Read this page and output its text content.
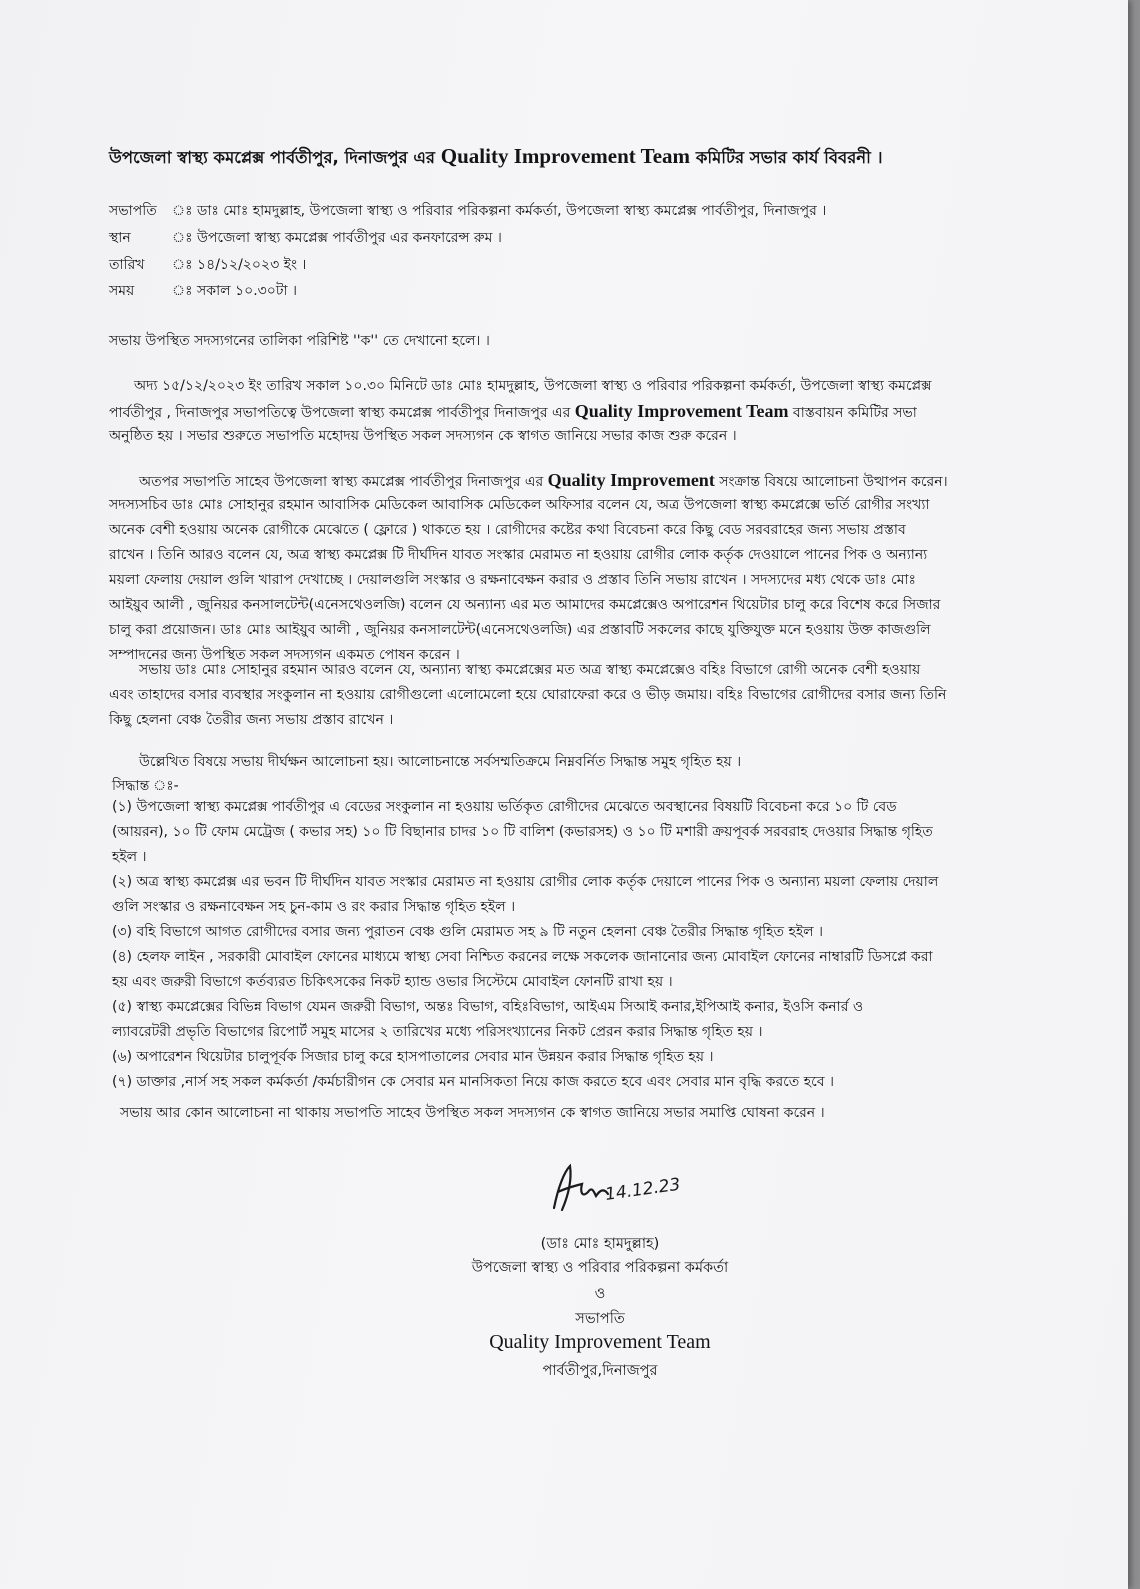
উপজেলা স্বাস্থ্য কমপ্লেক্স পার্বতীপুর, দিনাজপুর এর Quality Improvement Team কমিটির সভার কার্য বিবরনী ।
সভাপতি ঃ ডাঃ মোঃ হামদুল্লাহ, উপজেলা স্বাস্থ্য ও পরিবার পরিকল্পনা কর্মকর্তা, উপজেলা স্বাস্থ্য কমপ্লেক্স পার্বতীপুর, দিনাজপুর ।
স্থান	ঃ উপজেলা স্বাস্থ্য কমপ্লেক্স পার্বতীপুর এর কনফারেন্স রুম ।
তারিখ ঃ ১৪/১২/২০২৩ ইং ।
সময়	ঃ সকাল ১০.৩০টা ।
সভায় উপস্থিত সদস্যগনের তালিকা পরিশিষ্ট ''ক'' তে দেখানো হলে। ।
অদ্য ১৫/১২/২০২৩ ইং তারিখ সকাল ১০.৩০ মিনিটে ডাঃ মোঃ হামদুল্লাহ, উপজেলা স্বাস্থ্য ও পরিবার পরিকল্পনা কর্মকর্তা, উপজেলা স্বাস্থ্য কমপ্লেক্স
পার্বতীপুর , দিনাজপুর সভাপতিত্বে উপজেলা স্বাস্থ্য কমপ্লেক্স পার্বতীপুর দিনাজপুর এর Quality Improvement Team বাস্তবায়ন কমিটির সভা
অনুষ্ঠিত হয় । সভার শুরুতে সভাপতি মহোদয় উপস্থিত সকল সদস্যগন কে স্বাগত জানিয়ে সভার কাজ শুরু করেন ।
অতপর সভাপতি সাহেব উপজেলা স্বাস্থ্য কমপ্লেক্স পার্বতীপুর দিনাজপুর এর Quality Improvement সংক্রান্ত বিষয়ে আলোচনা উত্থাপন করেন।
সদস্যসচিব ডাঃ মোঃ সোহানুর রহমান আবাসিক মেডিকেল আবাসিক মেডিকেল অফিসার বলেন যে, অত্র উপজেলা স্বাস্থ্য কমপ্লেক্সে ভর্তি রোগীর সংখ্যা
অনেক বেশী হওয়ায় অনেক রোগীকে মেঝেতে ( ফ্লোরে ) থাকতে হয় । রোগীদের কষ্টের কথা বিবেচনা করে কিছু বেড সরবরাহের জন্য সভায় প্রস্তাব
রাখেন । তিনি আরও বলেন যে, অত্র স্বাস্থ্য কমপ্লেক্স টি দীর্ঘদিন যাবত সংস্কার মেরামত না হওয়ায় রোগীর লোক কর্তৃক দেওয়ালে পানের পিক ও অন্যান্য
ময়লা ফেলায় দেয়াল গুলি খারাপ দেখাচ্ছে । দেয়ালগুলি সংস্কার ও রক্ষনাবেক্ষন করার ও প্রস্তাব তিনি সভায় রাখেন । সদস্যদের মধ্য থেকে ডাঃ মোঃ
আইয়ুব আলী , জুনিয়র কনসালটেন্ট(এনেসথেওলজি) বলেন যে অন্যান্য এর মত আমাদের কমপ্লেক্সেও অপারেশন থিয়েটার চালু করে বিশেষ করে সিজার
চালু করা প্রয়োজন। ডাঃ মোঃ আইয়ুব আলী , জুনিয়র কনসালটেন্ট(এনেসথেওলজি) এর প্রস্তাবটি সকলের কাছে যুক্তিযুক্ত মনে হওয়ায় উক্ত কাজগুলি
সম্পাদনের জন্য উপস্থিত সকল সদস্যগন একমত পোষন করেন ।
সভায় ডাঃ মোঃ সোহানুর রহমান আরও বলেন যে, অন্যান্য স্বাস্থ্য কমপ্লেক্সের মত অত্র স্বাস্থ্য কমপ্লেক্সেও বহিঃ বিভাগে রোগী অনেক বেশী হওয়ায়
এবং তাহাদের বসার ব্যবস্থার সংকুলান না হওয়ায় রোগীগুলো এলোমেলো হয়ে ঘোরাফেরা করে ও ভীড় জমায়। বহিঃ বিভাগের রোগীদের বসার জন্য তিনি
কিছু হেলনা বেঞ্চ তৈরীর জন্য সভায় প্রস্তাব রাখেন ।
উল্লেখিত বিষয়ে সভায় দীর্ঘক্ষন আলোচনা হয়। আলোচনান্তে সর্বসম্মতিক্রমে নিম্নবর্নিত সিদ্ধান্ত সমুহ গৃহিত হয় ।
সিদ্ধান্ত ঃ-
(১) উপজেলা স্বাস্থ্য কমপ্লেক্স পার্বতীপুর এ বেডের সংকুলান না হওয়ায় ভর্তিকৃত রোগীদের মেঝেতে অবস্থানের বিষয়টি বিবেচনা করে ১০ টি বেড
(আয়রন), ১০ টি ফোম মেট্রেজ ( কভার সহ) ১০ টি বিছানার চাদর ১০ টি বালিশ (কভারসহ) ও ১০ টি মশারী ক্রয়পূবর্ক সরবরাহ দেওয়ার সিদ্ধান্ত গৃহিত
হইল ।
(২) অত্র স্বাস্থ্য কমপ্লেক্স এর ভবন টি দীর্ঘদিন যাবত সংস্কার মেরামত না হওয়ায় রোগীর লোক কর্তৃক দেয়ালে পানের পিক ও অন্যান্য ময়লা ফেলায় দেয়াল
গুলি সংস্কার ও রক্ষনাবেক্ষন সহ চুন-কাম ও রং করার সিদ্ধান্ত গৃহিত হইল ।
(৩) বহি বিভাগে আগত রোগীদের বসার জন্য পুরাতন বেঞ্চ গুলি মেরামত সহ ৯ টি নতুন হেলনা বেঞ্চ তৈরীর সিদ্ধান্ত গৃহিত হইল ।
(৪) হেলফ লাইন , সরকারী মোবাইল ফোনের মাধ্যমে স্বাস্থ্য সেবা নিশ্চিত করনের লক্ষে সকলেক জানানোর জন্য মোবাইল ফোনের নাম্বারটি ডিসপ্লে করা
হয় এবং জরুরী বিভাগে কর্তব্যরত চিকিৎসকের নিকট হ্যান্ড ওভার সিস্টেমে মোবাইল ফোনটি রাখা হয় ।
(৫) স্বাস্থ্য কমপ্লেক্সের বিভিন্ন বিভাগ যেমন জরুরী বিভাগ, অন্তঃ বিভাগ, বহিঃবিভাগ, আইএম সিআই কনার,ইপিআই কনার, ইওসি কনার্র ও
ল্যাবরেটরী প্রভৃতি বিভাগের রিপোর্ট সমুহ মাসের ২ তারিখের মধ্যে পরিসংখ্যানের নিকট প্রেরন করার সিদ্ধান্ত গৃহিত হয় ।
(৬) অপারেশন থিয়েটার চালুপূর্বক সিজার চালু করে হাসপাতালের সেবার মান উন্নয়ন করার সিদ্ধান্ত গৃহিত হয় ।
(৭) ডাক্তার ,নার্স সহ সকল কর্মকর্তা /কর্মচারীগন কে সেবার মন মানসিকতা নিয়ে কাজ করতে হবে এবং সেবার মান বৃদ্ধি করতে হবে ।
সভায় আর কোন আলোচনা না থাকায় সভাপতি সাহেব উপস্থিত সকল সদস্যগন কে স্বাগত জানিয়ে সভার সমাপ্তি ঘোষনা করেন ।
14.12.23
(ডাঃ মোঃ হামদুল্লাহ)
উপজেলা স্বাস্থ্য ও পরিবার পরিকল্পনা কর্মকর্তা
ও
সভাপতি
Quality Improvement Team
পার্বতীপুর,দিনাজপুর
